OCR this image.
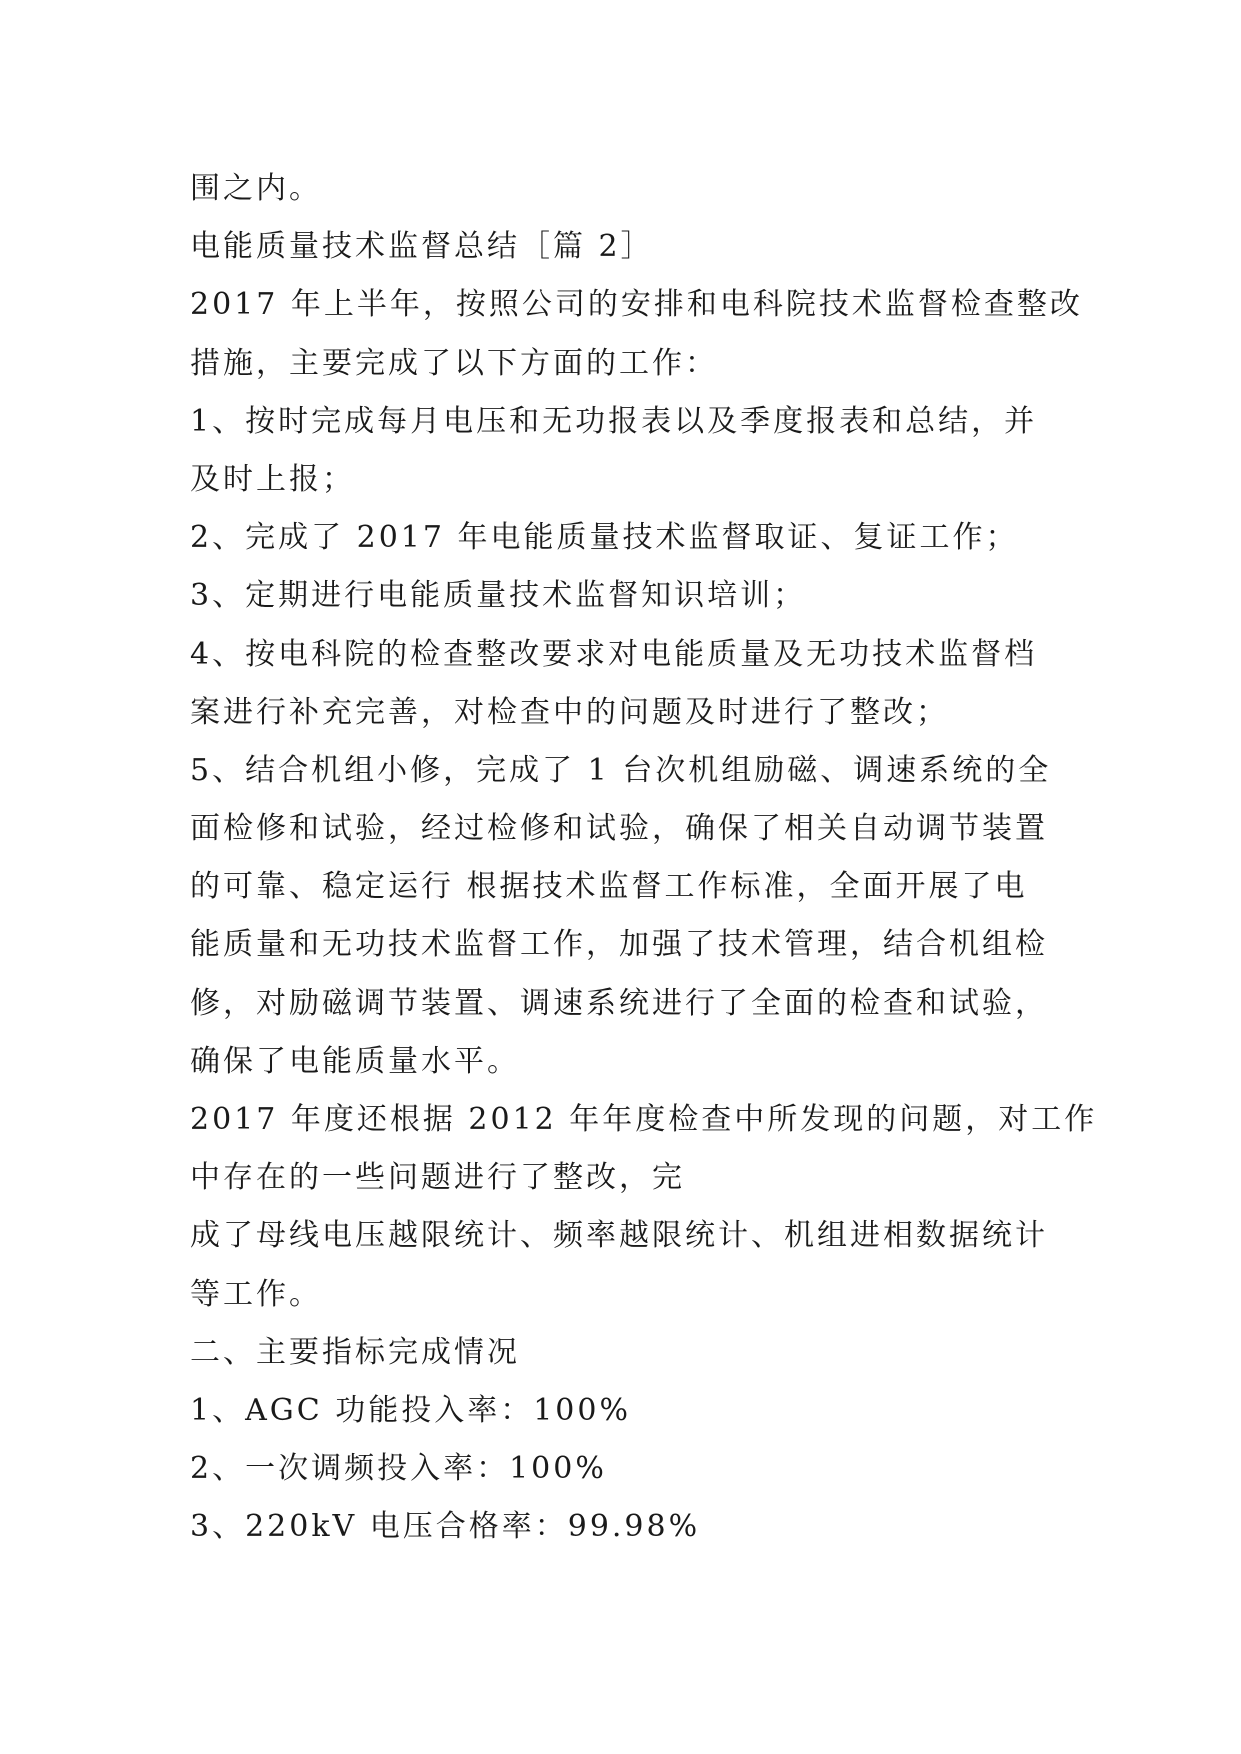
围之内。
电能质量技术监督总结［篇 2］
2017 年上半年，按照公司的安排和电科院技术监督检查整改
措施，主要完成了以下方面的工作：
1、按时完成每月电压和无功报表以及季度报表和总结，并
及时上报；
2、完成了 2017 年电能质量技术监督取证、复证工作；
3、定期进行电能质量技术监督知识培训；
4、按电科院的检查整改要求对电能质量及无功技术监督档
案进行补充完善，对检查中的问题及时进行了整改；
5、结合机组小修，完成了 1 台次机组励磁、调速系统的全
面检修和试验，经过检修和试验，确保了相关自动调节装置
的可靠、稳定运行 根据技术监督工作标准，全面开展了电
能质量和无功技术监督工作，加强了技术管理，结合机组检
修，对励磁调节装置、调速系统进行了全面的检查和试验，
确保了电能质量水平。
2017 年度还根据 2012 年年度检查中所发现的问题，对工作
中存在的一些问题进行了整改，完
成了母线电压越限统计、频率越限统计、机组进相数据统计
等工作。
二、主要指标完成情况
1、AGC 功能投入率：100%
2、一次调频投入率：100%
3、220kV 电压合格率：99.98%
